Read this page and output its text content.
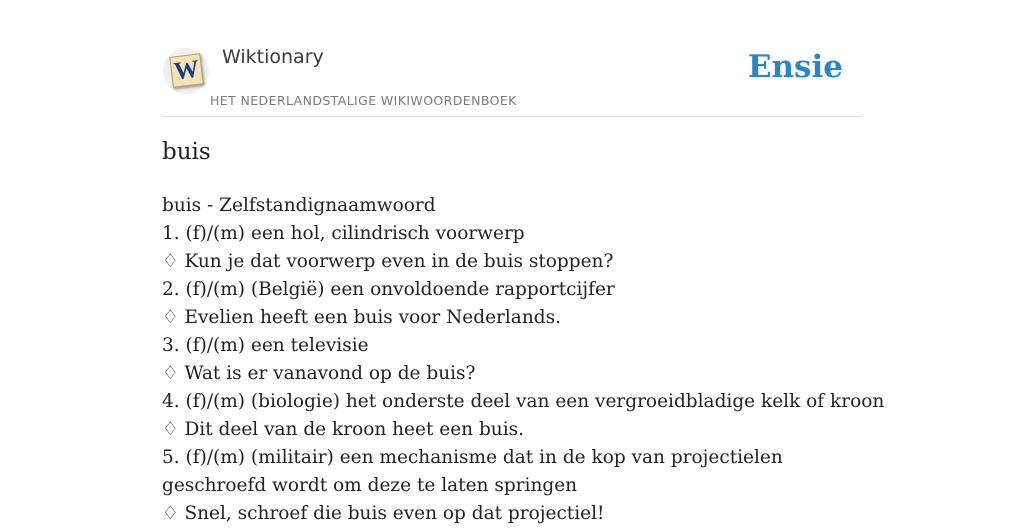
W Wiktionary
HET NEDERLANDSTALIGE WIKIWOORDENBOEK
Ensie
buis
buis - Zelfstandignaamwoord
1. (f)/(m) een hol, cilindrisch voorwerp
♢ Kun je dat voorwerp even in de buis stoppen?
2. (f)/(m) (België) een onvoldoende rapportcijfer
♢ Evelien heeft een buis voor Nederlands.
3. (f)/(m) een televisie
♢ Wat is er vanavond op de buis?
4. (f)/(m) (biologie) het onderste deel van een vergroeidbladige kelk of kroon
♢ Dit deel van de kroon heet een buis.
5. (f)/(m) (militair) een mechanisme dat in de kop van projectielen geschroefd wordt om deze te laten springen
♢ Snel, schroef die buis even op dat projectiel!
